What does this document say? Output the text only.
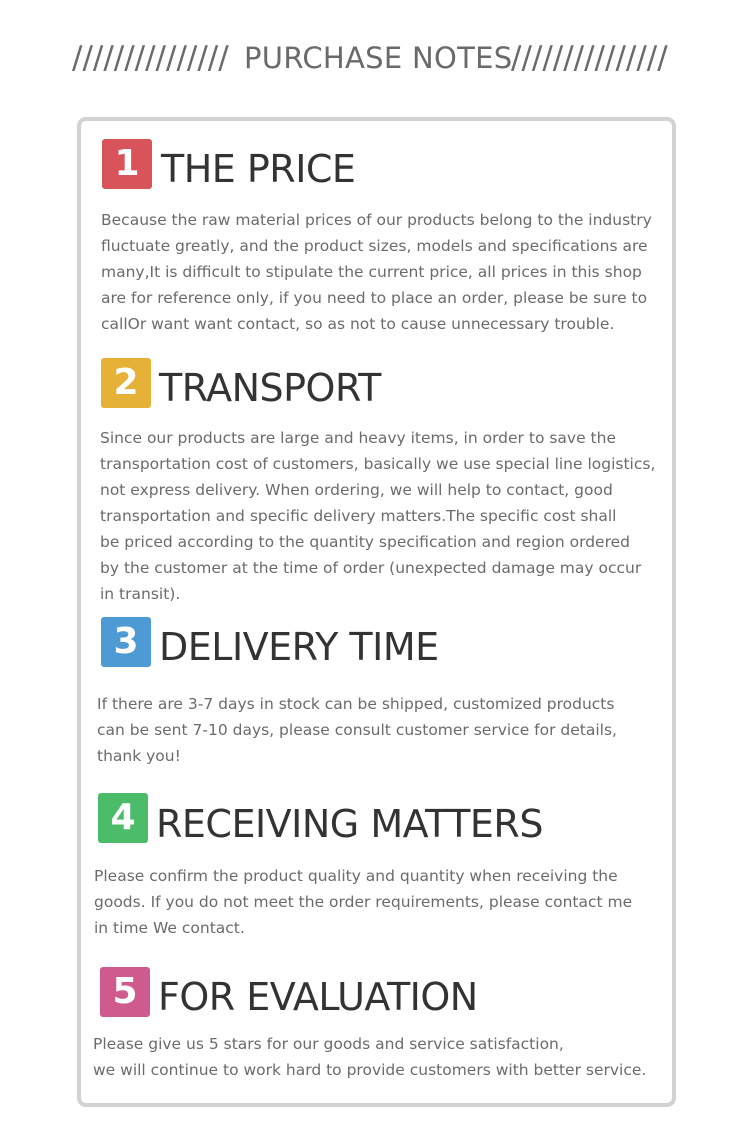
/////////////// PURCHASE NOTES
///////////////
1 THE PRICE
Because the raw material prices of our products belong to the industry
fluctuate greatly, and the product sizes, models and specifications are
many,It is difficult to stipulate the current price, all prices in this shop
are for reference only, if you need to place an order, please be sure to
callOr want want contact, so as not to cause unnecessary trouble.
2 TRANSPORT
Since our products are large and heavy items, in order to save the
transportation cost of customers, basically we use special line logistics,
not express delivery. When ordering, we will help to contact, good
transportation and specific delivery matters.The specific cost shall
be priced according to the quantity specification and region ordered
by the customer at the time of order (unexpected damage may occur
in transit).
3 DELIVERY TIME
If there are 3-7 days in stock can be shipped, customized products
can be sent 7-10 days, please consult customer service for details,
thank you!
4 RECEIVING MATTERS
Please confirm the product quality and quantity when receiving the
goods. If you do not meet the order requirements, please contact me
in time We contact.
5 FOR EVALUATION
Please give us 5 stars for our goods and service satisfaction,
we will continue to work hard to provide customers with better service.
